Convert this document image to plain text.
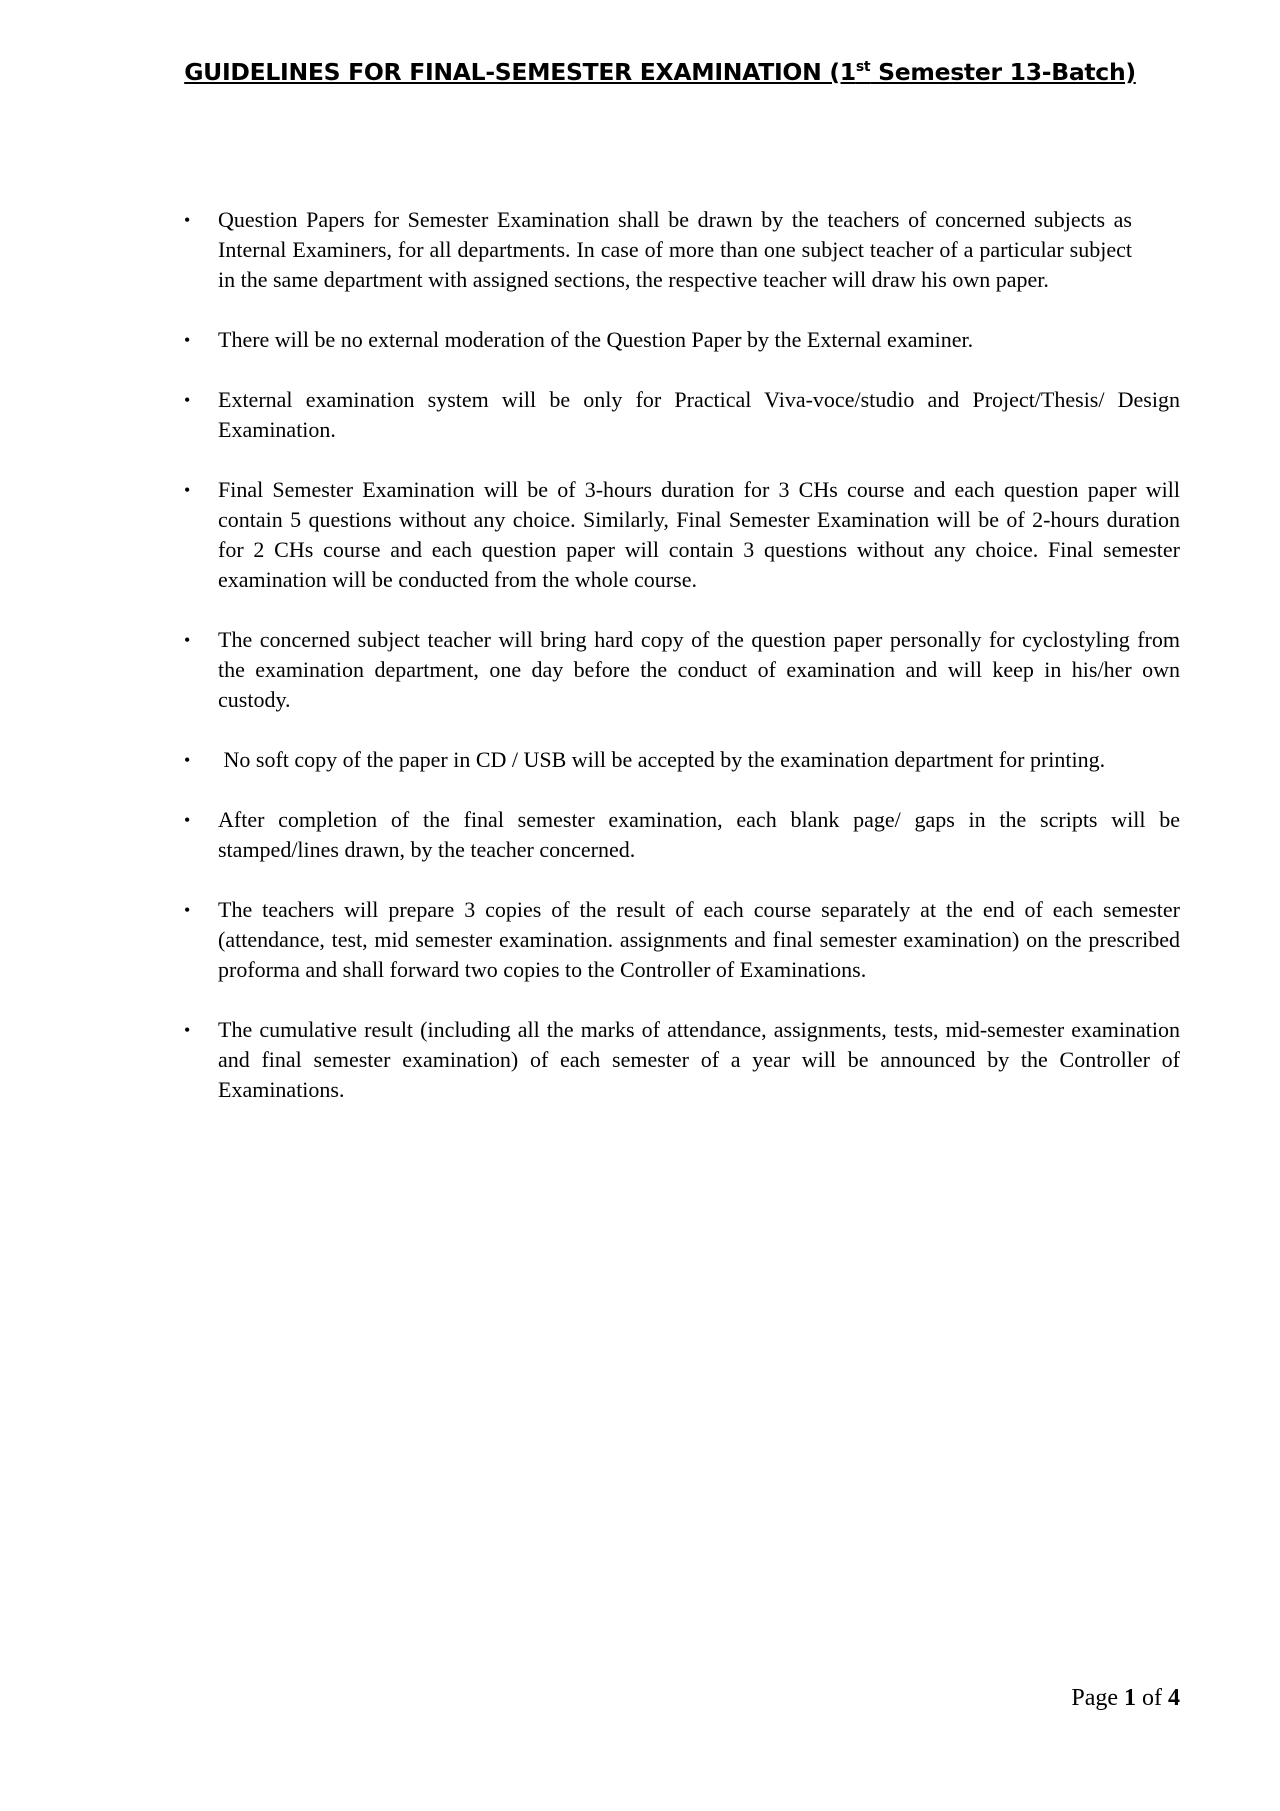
GUIDELINES FOR FINAL-SEMESTER EXAMINATION (1st Semester 13-Batch)
• Question Papers for Semester Examination shall be drawn by the teachers of concerned subjects as Internal Examiners, for all departments. In case of more than one subject teacher of a particular subject in the same department with assigned sections, the respective teacher will draw his own paper.
• There will be no external moderation of the Question Paper by the External examiner.
• External examination system will be only for Practical Viva-voce/studio and Project/Thesis/ Design Examination.
• Final Semester Examination will be of 3-hours duration for 3 CHs course and each question paper will contain 5 questions without any choice. Similarly, Final Semester Examination will be of 2-hours duration for 2 CHs course and each question paper will contain 3 questions without any choice. Final semester examination will be conducted from the whole course.
• The concerned subject teacher will bring hard copy of the question paper personally for cyclostyling from the examination department, one day before the conduct of examination and will keep in his/her own custody.
• No soft copy of the paper in CD / USB will be accepted by the examination department for printing.
• After completion of the final semester examination, each blank page/ gaps in the scripts will be stamped/lines drawn, by the teacher concerned.
• The teachers will prepare 3 copies of the result of each course separately at the end of each semester (attendance, test, mid semester examination. assignments and final semester examination) on the prescribed proforma and shall forward two copies to the Controller of Examinations.
• The cumulative result (including all the marks of attendance, assignments, tests, mid-semester examination and final semester examination) of each semester of a year will be announced by the Controller of Examinations.
Page 1 of 4
